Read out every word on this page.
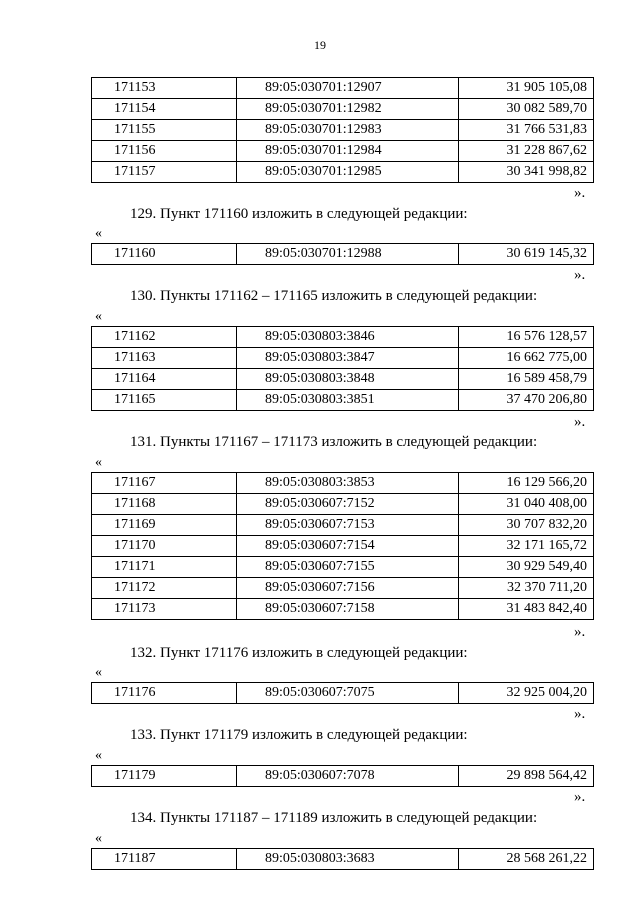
19
171153	89:05:030701:12907	31 905 105,08
171154	89:05:030701:12982	30 082 589,70
171155	89:05:030701:12983	31 766 531,83
171156	89:05:030701:12984	31 228 867,62
171157	89:05:030701:12985	30 341 998,82
».
129. Пункт 171160 изложить в следующей редакции:
«
171160	89:05:030701:12988	30 619 145,32
».
130. Пункты 171162 – 171165 изложить в следующей редакции:
«
171162	89:05:030803:3846	16 576 128,57
171163	89:05:030803:3847	16 662 775,00
171164	89:05:030803:3848	16 589 458,79
171165	89:05:030803:3851	37 470 206,80
».
131. Пункты 171167 – 171173 изложить в следующей редакции:
«
171167	89:05:030803:3853	16 129 566,20
171168	89:05:030607:7152	31 040 408,00
171169	89:05:030607:7153	30 707 832,20
171170	89:05:030607:7154	32 171 165,72
171171	89:05:030607:7155	30 929 549,40
171172	89:05:030607:7156	32 370 711,20
171173	89:05:030607:7158	31 483 842,40
».
132. Пункт 171176 изложить в следующей редакции:
«
171176	89:05:030607:7075	32 925 004,20
».
133. Пункт 171179 изложить в следующей редакции:
«
171179	89:05:030607:7078	29 898 564,42
».
134. Пункты 171187 – 171189 изложить в следующей редакции:
«
171187	89:05:030803:3683	28 568 261,22
